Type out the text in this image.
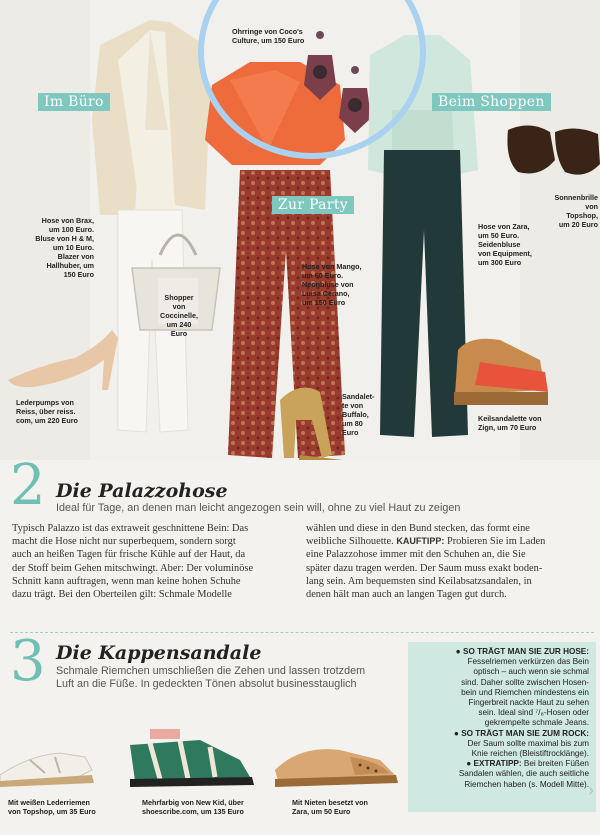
Im Büro	Beim Shoppen
Zur Party
Ohrringe von Coco's
Culture, um 150 Euro
Hose von Brax,
um 100 Euro.
Bluse von H & M,
um 10 Euro.
Blazer von
Hallhuber, um
150 Euro
Shopper von
Coccinelle,
um 240 Euro
Lederpumps von
Reiss, über reiss.
com, um 220 Euro
Hose von Mango,
um 60 Euro.
Neonbluse von
Luisa Cerano,
um 150 Euro
Sandalet-
te von
Buffalo,
um 80
Euro
Hose von Zara,
um 50 Euro.
Seidenbluse
von Equipment,
um 300 Euro
Sonnenbrille
von Topshop,
um 20 Euro
Keilsandalette von
Zign, um 70 Euro
2 Die Palazzohose
Ideal für Tage, an denen man leicht angezogen sein will, ohne zu viel Haut zu zeigen
Typisch Palazzo ist das extraweit geschnittene Bein: Das
macht die Hose nicht nur superbequem, sondern sorgt
auch an heißen Tagen für frische Kühle auf der Haut, da
der Stoff beim Gehen mitschwingt. Aber: Der voluminöse
Schnitt kann auftragen, wenn man keine hohen Schuhe
dazu trägt. Bei den Oberteilen gilt: Schmale Modelle
wählen und diese in den Bund stecken, das formt eine
weibliche Silhouette. KAUFTIPP: Probieren Sie im Laden
eine Palazzohose immer mit den Schuhen an, die Sie
später dazu tragen werden. Der Saum muss exakt boden-
lang sein. Am bequemsten sind Keilabsatzsandalen, in
denen hält man auch an langen Tagen gut durch.
3 Die Kappensandale
Schmale Riemchen umschließen die Zehen und lassen trotzdem
Luft an die Füße. In gedeckten Tönen absolut businesstauglich

● SO TRÄGT MAN SIE ZUR HOSE:

Fesselriemen verkürzen das Bein

optisch – auch wenn sie schmal

sind. Daher sollte zwischen Hosen-

bein und Riemchen mindestens ein

Fingerbreit nackte Haut zu sehen

sein. Ideal sind ⁷/₈-Hosen oder

gekrempelte schmale Jeans.

● SO TRÄGT MAN SIE ZUM ROCK:

Der Saum sollte maximal bis zum

Knie reichen (Bleistiftrocklänge).

● EXTRATIPP: Bei breiten Füßen

Sandalen wählen, die auch seitliche

Riemchen haben (s. Modell Mitte).

Mit weißen Lederriemen
von Topshop, um 35 Euro
Mehrfarbig von New Kid, über
shoescribe.com, um 135 Euro
Mit Nieten besetzt von
Zara, um 50 Euro
›
